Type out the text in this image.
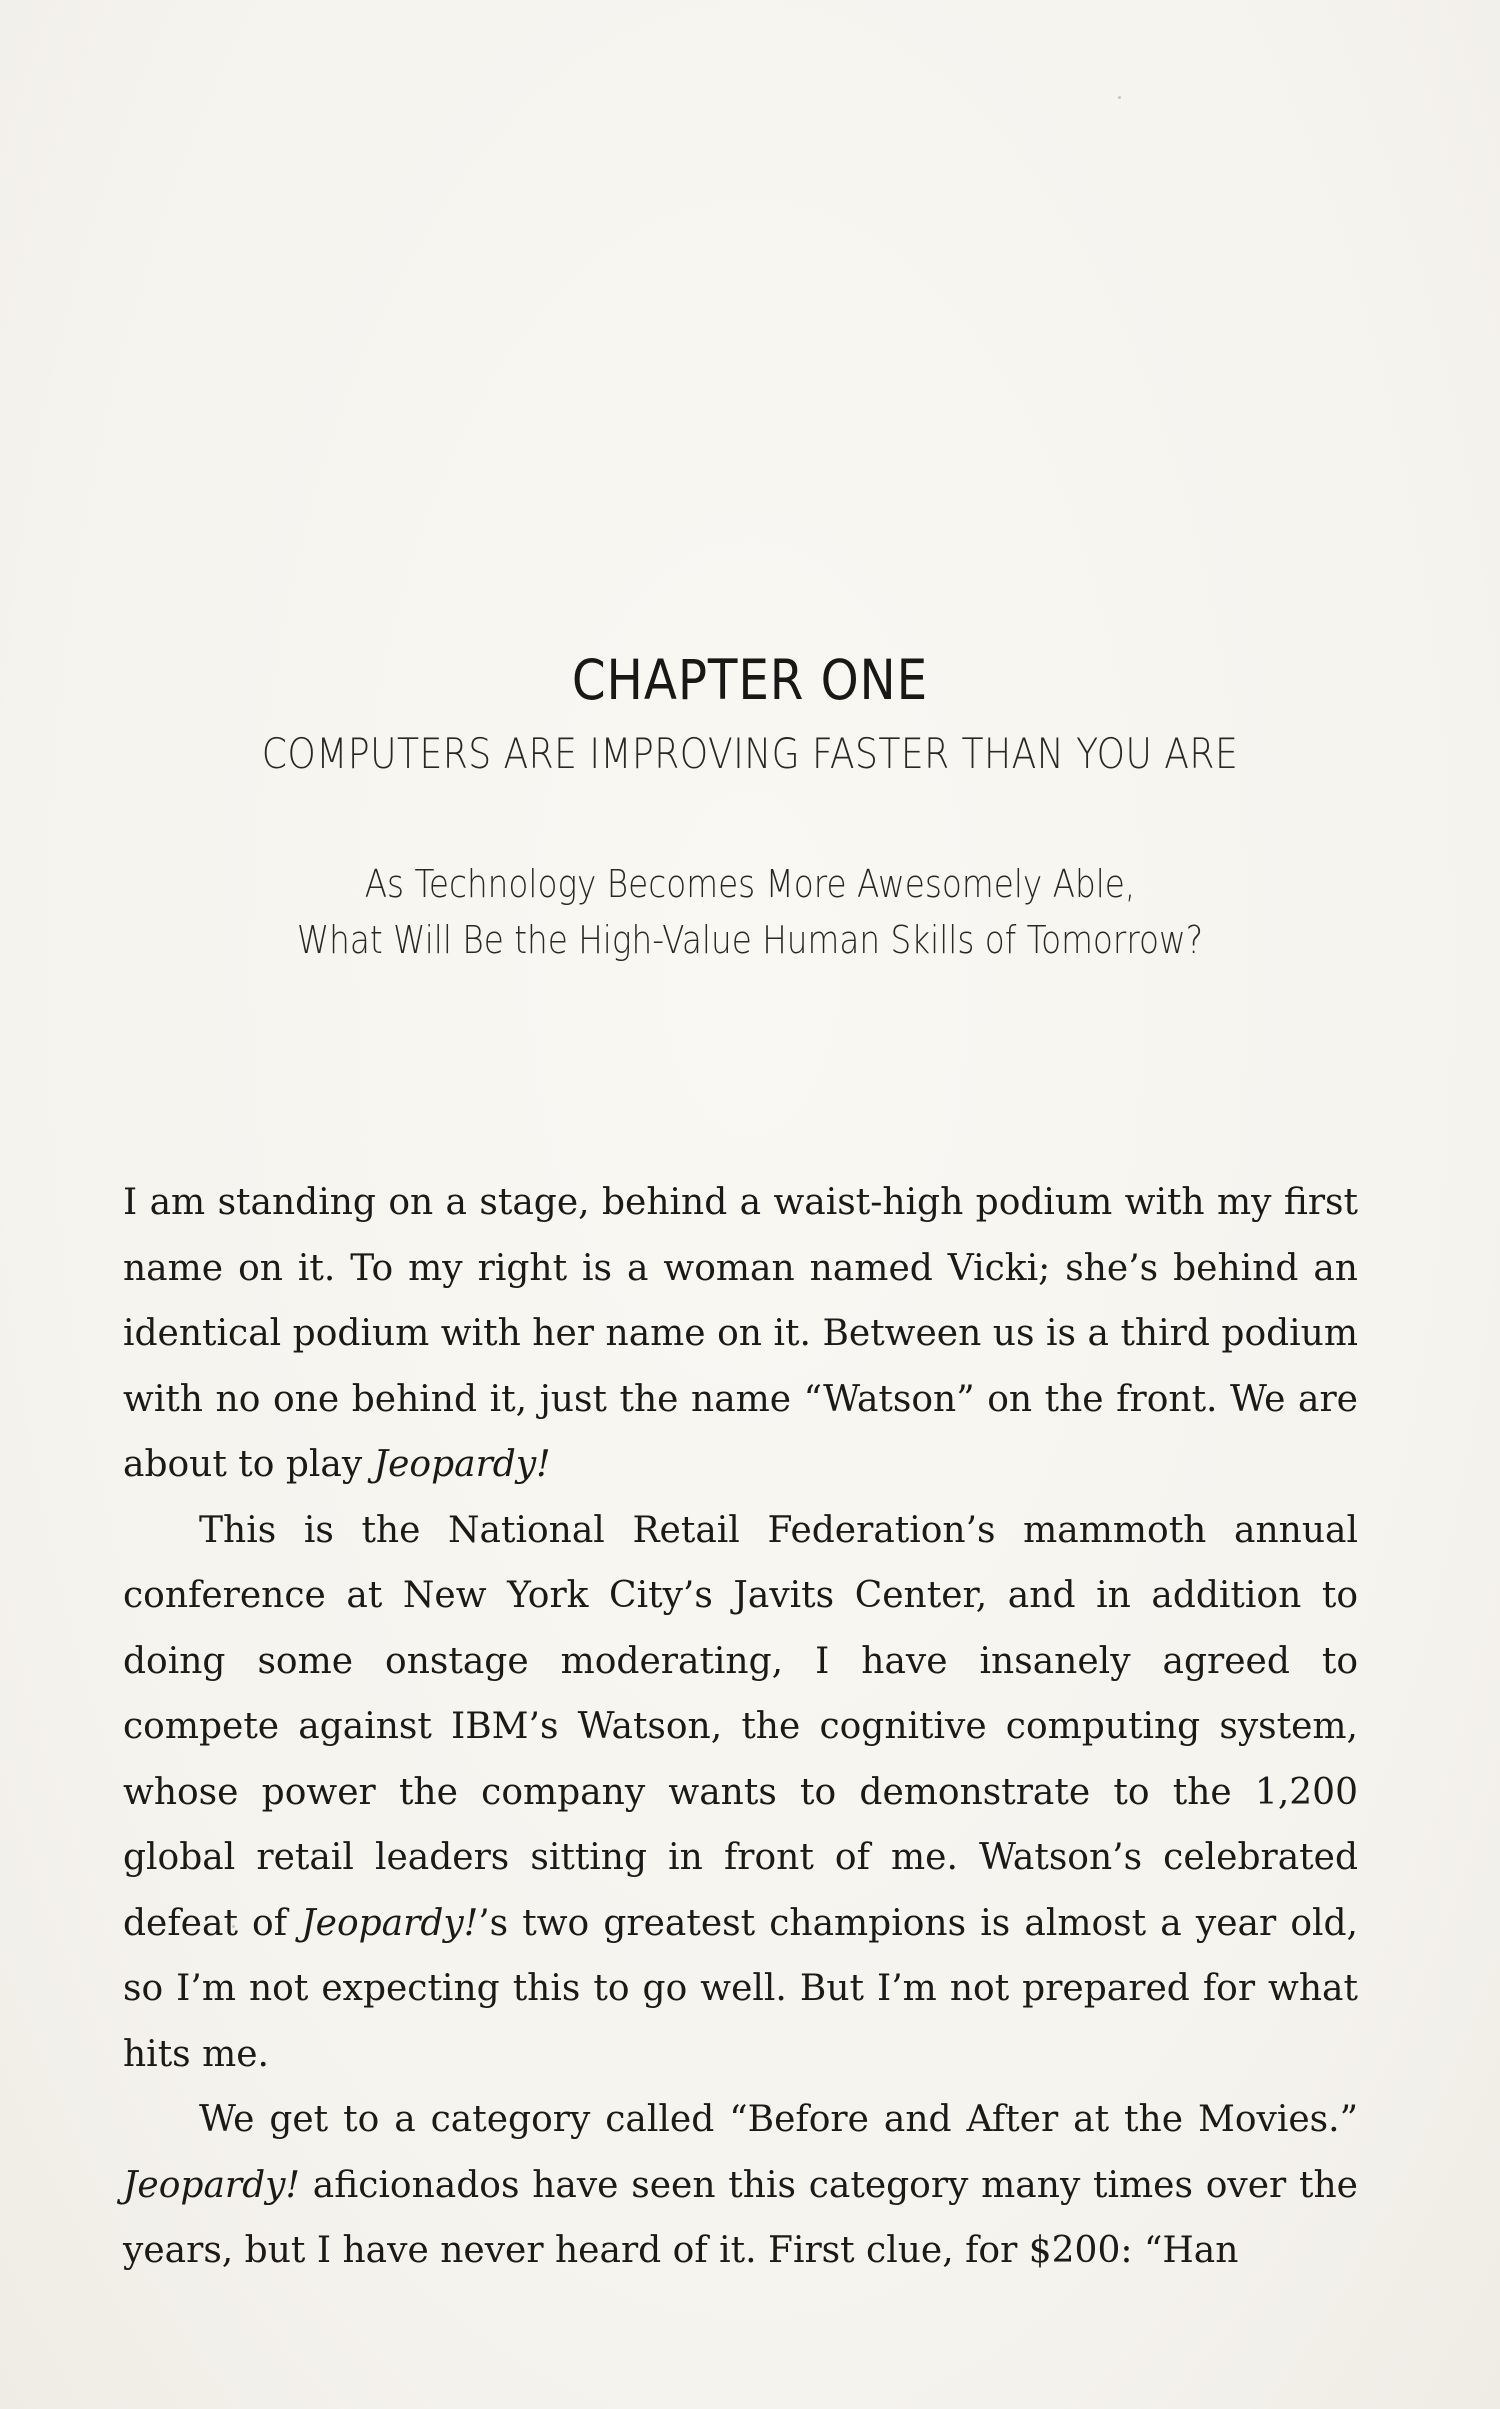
CHAPTER ONE
COMPUTERS ARE IMPROVING FASTER THAN YOU ARE
As Technology Becomes More Awesomely Able,
What Will Be the High-Value Human Skills of Tomorrow?

I am standing on a stage, behind a waist-high podium with my first name on it. To my right is a woman named Vicki; she’s behind an identical podium with her name on it. Between us is a third podium with no one behind it, just the name “Watson” on the front. We are about to play Jeopardy!

This is the National Retail Federation’s mammoth annual conference at New York City’s Javits Center, and in addition to doing some onstage moderating, I have insanely agreed to compete against IBM’s Watson, the cognitive computing system, whose power the company wants to demonstrate to the 1,200 global retail leaders sitting in front of me. Watson’s celebrated defeat of Jeopardy!’s two greatest champions is almost a year old, so I’m not expecting this to go well. But I’m not prepared for what hits me.

We get to a category called “Before and After at the Movies.” Jeopardy! aficionados have seen this category many times over the years, but I have never heard of it. First clue, for $200: “Han
